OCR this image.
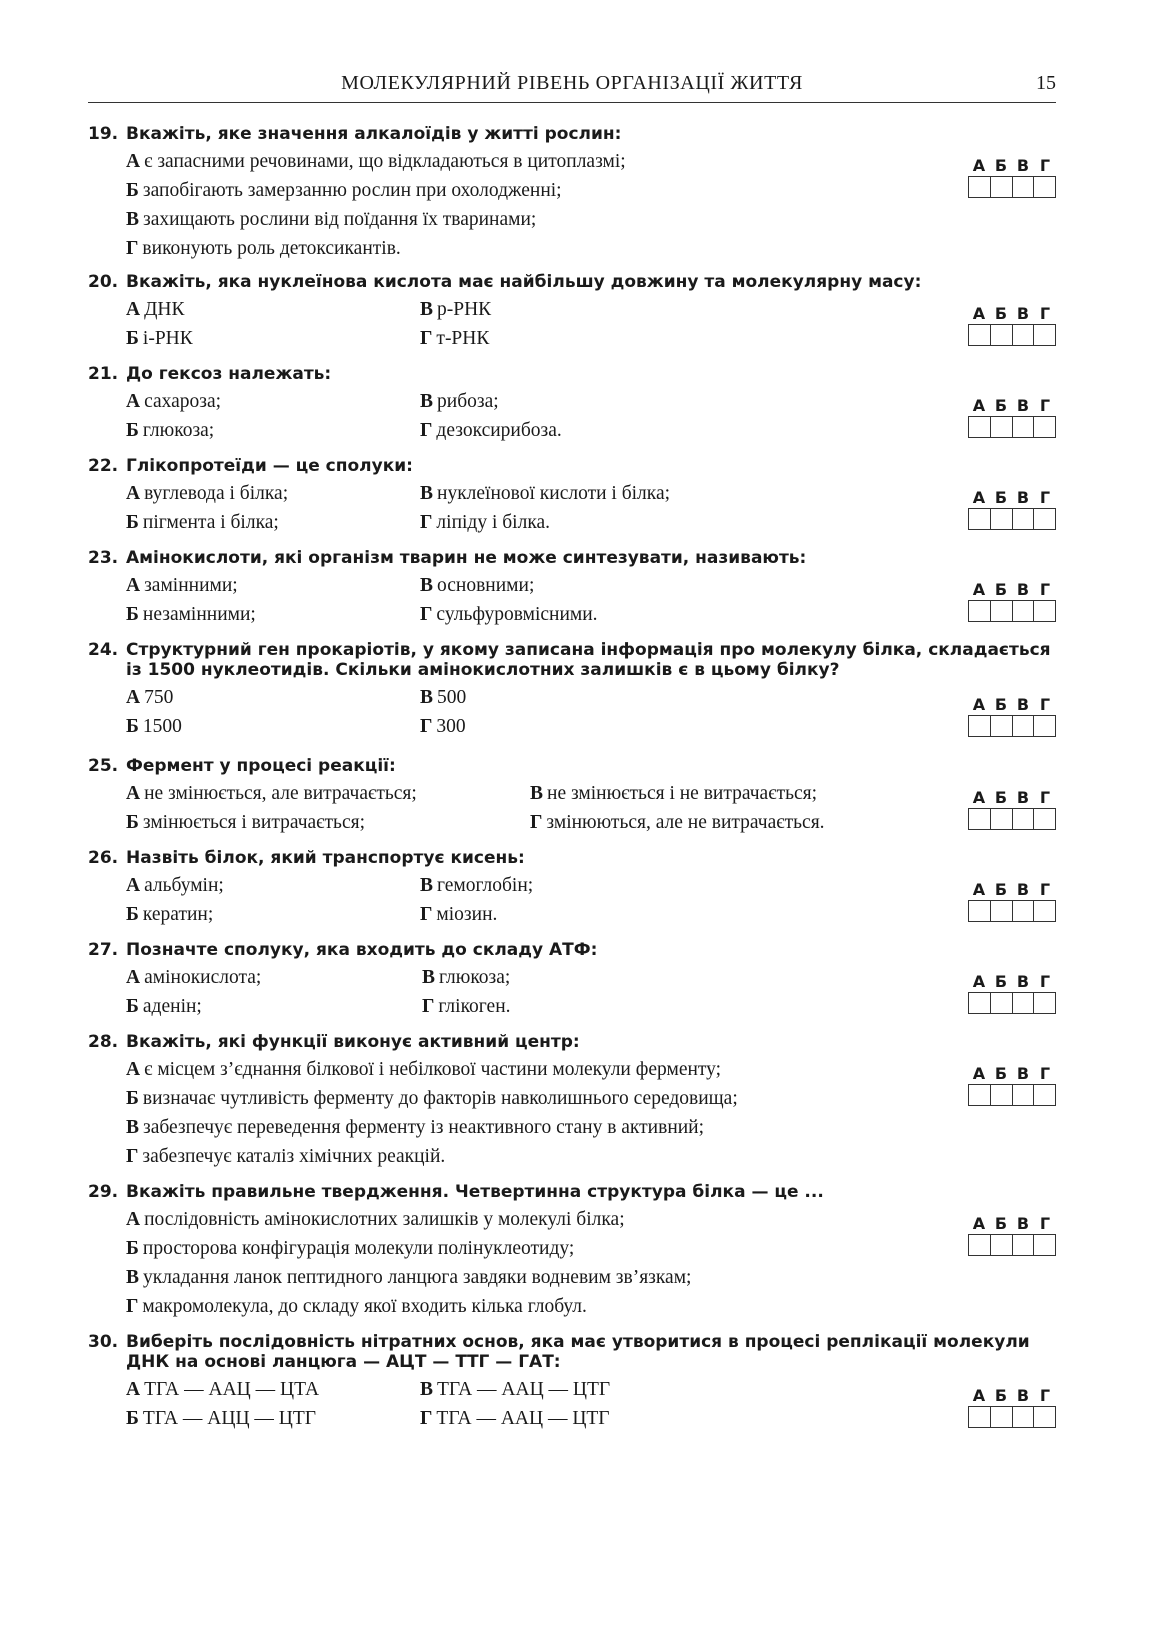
МОЛЕКУЛЯРНИЙ РІВЕНЬ ОРГАНІЗАЦІЇ ЖИТТЯ	15
19. Вкажіть, яке значення алкалоїдів у житті рослин:
А є запасними речовинами, що відкладаються в цитоплазмі;
Б запобігають замерзанню рослин при охолодженні;
В захищають рослини від поїдання їх тваринами;
Г виконують роль детоксикантів.
А Б В Г
20. Вкажіть, яка нуклеїнова кислота має найбільшу довжину та молекулярну масу:
А ДНК	В р-РНК
Б і-РНК	Г т-РНК
А Б В Г
21. До гексоз належать:
А сахароза;	В рибоза;
Б глюкоза;	Г дезоксирибоза.
А Б В Г
22. Глікопротеїди — це сполуки:
А вуглевода і білка;	В нуклеїнової кислоти і білка;
Б пігмента і білка;	Г ліпіду і білка.
А Б В Г
23. Амінокислоти, які організм тварин не може синтезувати, називають:
А замінними;	В основними;
Б незамінними;	Г сульфуровмісними.
А Б В Г
24. Структурний ген прокаріотів, у якому записана інформація про молекулу білка, складається із 1500 нуклеотидів. Скільки амінокислотних залишків є в цьому білку?
А 750	В 500
Б 1500	Г 300
А Б В Г
25. Фермент у процесі реакції:
А не змінюється, але витрачається;	В не змінюється і не витрачається;
Б змінюється і витрачається;	Г змінюються, але не витрачається.
А Б В Г
26. Назвіть білок, який транспортує кисень:
А альбумін;	В гемоглобін;
Б кератин;	Г міозин.
А Б В Г
27. Позначте сполуку, яка входить до складу АТФ:
А амінокислота;	В глюкоза;
Б аденін;	Г глікоген.
А Б В Г
28. Вкажіть, які функції виконує активний центр:
А є місцем з’єднання білкової і небілкової частини молекули ферменту;
Б визначає чутливість ферменту до факторів навколишнього середовища;
В забезпечує переведення ферменту із неактивного стану в активний;
Г забезпечує каталіз хімічних реакцій.
А Б В Г
29. Вкажіть правильне твердження. Четвертинна структура білка — це ...
А послідовність амінокислотних залишків у молекулі білка;
Б просторова конфігурація молекули полінуклеотиду;
В укладання ланок пептидного ланцюга завдяки водневим зв’язкам;
Г макромолекула, до складу якої входить кілька глобул.
А Б В Г
30. Виберіть послідовність нітратних основ, яка має утворитися в процесі реплікації молекули ДНК на основі ланцюга — АЦТ — ТТГ — ГАТ:
А ТГА — ААЦ — ЦТА	В ТГА — ААЦ — ЦТГ
Б ТГА — АЦЦ — ЦТГ	Г ТГА — ААЦ — ЦТГ
А Б В Г
